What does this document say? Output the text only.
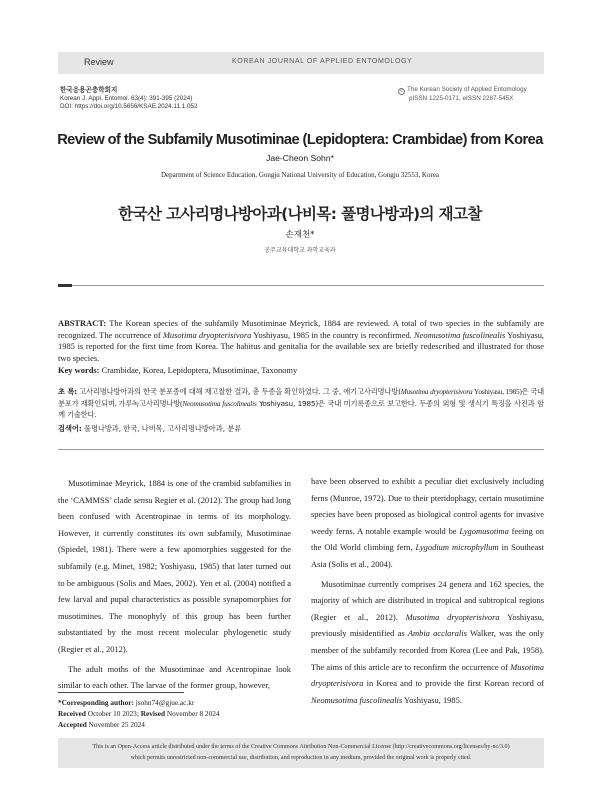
Review	KOREAN JOURNAL OF APPLIED ENTOMOLOGY
한국응용곤충학회지
Korean J. Appl. Entomol. 63(4): 391-395 (2024)
DOI: https://doi.org/10.5656/KSAE.2024.11.1.052
c The Korean Society of Applied Entomology
pISSN 1225-0171, eISSN 2287-545X
Review of the Subfamily Musotiminae (Lepidoptera: Crambidae) from Korea
Jae-Cheon Sohn*
Department of Science Education, Gongju National University of Education, Gongju 32553, Korea
한국산 고사리명나방아과(나비목: 풀명나방과)의 재고찰
손재천*
공주교육대학교 과학교육과
ABSTRACT: The Korean species of the subfamily Musotiminae Meyrick, 1884 are reviewed. A total of two species in the subfamily are recognized. The occurrence of Musotima dryopterisivora Yoshiyasu, 1985 in the country is reconfirmed. Neomusotima fuscolinealis Yoshiyasu, 1985 is reported for the first time from Korea. The habitus and genitalia for the available sex are briefly redescribed and illustrated for those two species.
Key words: Crambidae, Korea, Lepidoptera, Musotiminae, Taxonomy
초 록: 고사리명나방아과의 한국 분포종에 대해 재고찰한 결과, 총 두종을 확인하였다. 그 중, 애기고사리명나방(Musotima dryopterisivora Yoshiyasu, 1985)은 국내 분포가 재확인되며, 가루녹고사리명나방(Neomusotima fuscolinealis Yoshiyasu, 1985)은 국내 미기록종으로 보고한다. 두종의 외형 및 생식기 특징을 사진과 함께 기술한다.
검색어: 풀명나방과, 한국, 나비목, 고사리명나방아과, 분류

Musotiminae Meyrick, 1884 is one of the crambid subfamilies in the ‘CAMMSS’ clade sensu Regier et al. (2012). The group had long been confused with Acentropinae in terms of its morphology. However, it currently constitutes its own subfamily, Musotiminae (Spiedel, 1981). There were a few apomorphies suggested for the subfamily (e.g. Minet, 1982; Yoshiyasu, 1985) that later turned out to be ambiguous (Solis and Maes, 2002). Yen et al. (2004) notified a few larval and pupal characteristics as possible synapomorphies for musotimines. The monophyly of this group has been further substantiated by the most recent molecular phylogenetic study (Regier et al., 2012).

The adult moths of the Musotiminae and Acentropinae look similar to each other. The larvae of the former group, however,

have been observed to exhibit a peculiar diet exclusively including ferns (Munroe, 1972). Due to their pteridophagy, certain musotimine species have been proposed as biological control agents for invasive weedy ferns. A notable example would be Lygomusotima feeing on the Old World climbing fern, Lygodium microphyllum in Southeast Asia (Solis et al., 2004).

Musotiminae currently comprises 24 genera and 162 species, the majority of which are distributed in tropical and subtropical regions (Regier et al., 2012). Musotima dryopterisivora Yoshiyasu, previously misidentified as Ambia acclaralis Walker, was the only member of the subfamily recorded from Korea (Lee and Pak, 1958). The aims of this article are to reconfirm the occurrence of Musotima dryopterisivora in Korea and to provide the first Korean record of Neomusotima fuscolinealis Yoshiyasu, 1985.

*Corresponding author: jsohn74@gjue.ac.kr
Received October 10 2023; Revised November 8 2024
Accepted November 25 2024
This is an Open-Access article distributed under the terms of the Creative Commons Attribution Non-Commercial License (http://creativecommons.org/licenses/by-nc/3.0)
which permits unrestricted non-commercial use, distribution, and reproduction in any medium, provided the original work is properly cited.
